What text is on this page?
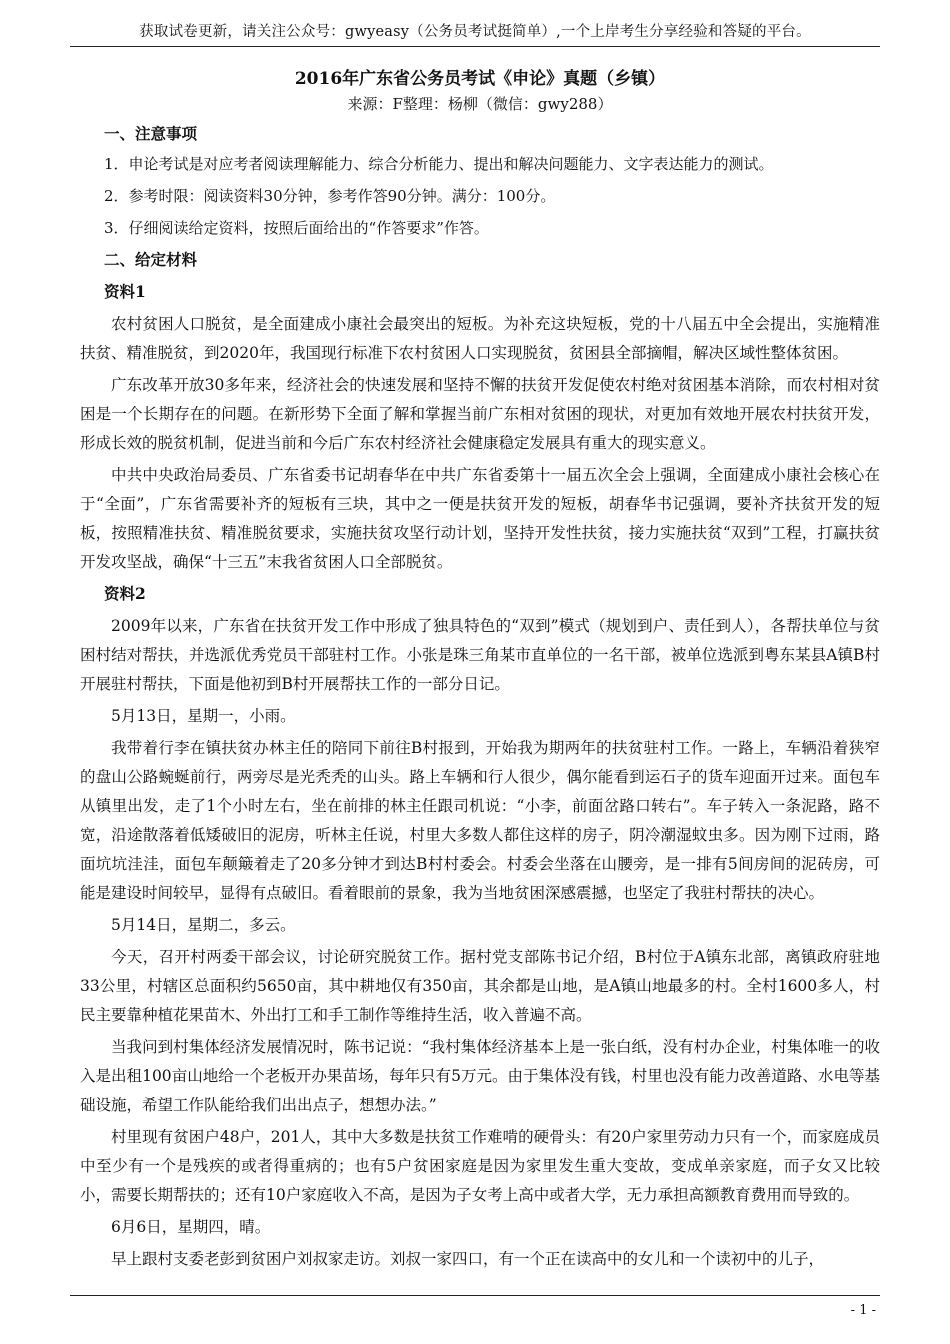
获取试卷更新，请关注公众号：gwyeasy（公务员考试挺简单）,一个上岸考生分享经验和答疑的平台。
2016年广东省公务员考试《申论》真题（乡镇）
来源：F整理：杨柳（微信：gwy288）
一、注意事项
1．申论考试是对应考者阅读理解能力、综合分析能力、提出和解决问题能力、文字表达能力的测试。
2．参考时限：阅读资料30分钟，参考作答90分钟。满分：100分。
3．仔细阅读给定资料，按照后面给出的“作答要求”作答。
二、给定材料
资料1

农村贫困人口脱贫，是全面建成小康社会最突出的短板。为补充这块短板，党的十八届五中全会提出，实施精准扶贫、精准脱贫，到2020年，我国现行标准下农村贫困人口实现脱贫，贫困县全部摘帽，解决区域性整体贫困。

广东改革开放30多年来，经济社会的快速发展和坚持不懈的扶贫开发促使农村绝对贫困基本消除，而农村相对贫困是一个长期存在的问题。在新形势下全面了解和掌握当前广东相对贫困的现状，对更加有效地开展农村扶贫开发，形成长效的脱贫机制，促进当前和今后广东农村经济社会健康稳定发展具有重大的现实意义。

中共中央政治局委员、广东省委书记胡春华在中共广东省委第十一届五次全会上强调，全面建成小康社会核心在于“全面”，广东省需要补齐的短板有三块，其中之一便是扶贫开发的短板，胡春华书记强调，要补齐扶贫开发的短板，按照精准扶贫、精准脱贫要求，实施扶贫攻坚行动计划，坚持开发性扶贫，接力实施扶贫“双到”工程，打赢扶贫开发攻坚战，确保“十三五”末我省贫困人口全部脱贫。

资料2

2009年以来，广东省在扶贫开发工作中形成了独具特色的“双到”模式（规划到户、责任到人），各帮扶单位与贫困村结对帮扶，并选派优秀党员干部驻村工作。小张是珠三角某市直单位的一名干部，被单位选派到粤东某县A镇B村开展驻村帮扶，下面是他初到B村开展帮扶工作的一部分日记。

5月13日，星期一，小雨。

我带着行李在镇扶贫办林主任的陪同下前往B村报到，开始我为期两年的扶贫驻村工作。一路上，车辆沿着狭窄的盘山公路蜿蜒前行，两旁尽是光秃秃的山头。路上车辆和行人很少，偶尔能看到运石子的货车迎面开过来。面包车从镇里出发，走了1个小时左右，坐在前排的林主任跟司机说：“小李，前面岔路口转右”。车子转入一条泥路，路不宽，沿途散落着低矮破旧的泥房，听林主任说，村里大多数人都住这样的房子，阴冷潮湿蚊虫多。因为刚下过雨，路面坑坑洼洼，面包车颠簸着走了20多分钟才到达B村村委会。村委会坐落在山腰旁，是一排有5间房间的泥砖房，可能是建设时间较早，显得有点破旧。看着眼前的景象，我为当地贫困深感震撼，也坚定了我驻村帮扶的决心。

5月14日，星期二，多云。

今天，召开村两委干部会议，讨论研究脱贫工作。据村党支部陈书记介绍，B村位于A镇东北部，离镇政府驻地33公里，村辖区总面积约5650亩，其中耕地仅有350亩，其余都是山地，是A镇山地最多的村。全村1600多人，村民主要靠种植花果苗木、外出打工和手工制作等维持生活，收入普遍不高。

当我问到村集体经济发展情况时，陈书记说：“我村集体经济基本上是一张白纸，没有村办企业，村集体唯一的收入是出租100亩山地给一个老板开办果苗场，每年只有5万元。由于集体没有钱，村里也没有能力改善道路、水电等基础设施，希望工作队能给我们出出点子，想想办法。”

村里现有贫困户48户，201人，其中大多数是扶贫工作难啃的硬骨头：有20户家里劳动力只有一个，而家庭成员中至少有一个是残疾的或者得重病的；也有5户贫困家庭是因为家里发生重大变故，变成单亲家庭，而子女又比较小，需要长期帮扶的；还有10户家庭收入不高，是因为子女考上高中或者大学，无力承担高额教育费用而导致的。

6月6日，星期四，晴。

早上跟村支委老彭到贫困户刘叔家走访。刘叔一家四口，有一个正在读高中的女儿和一个读初中的儿子，

- 1 -
